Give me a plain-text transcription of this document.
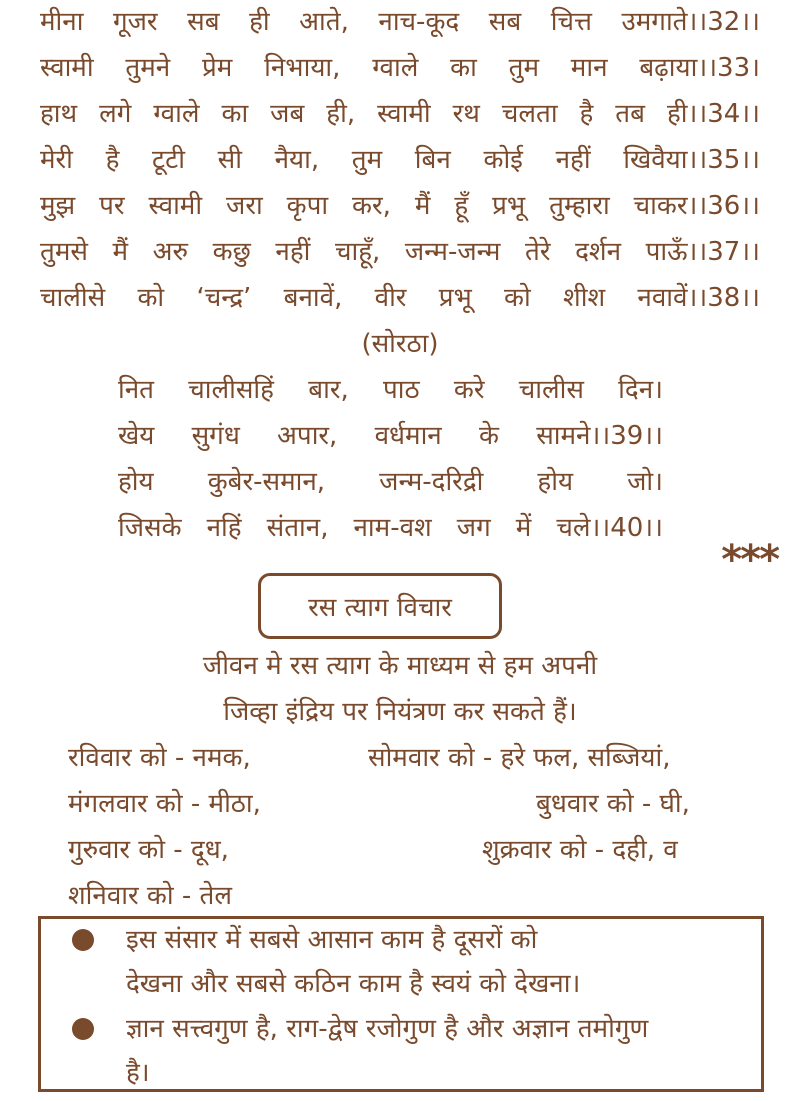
मीना गूजर सब ही आते, नाच-कूद सब चित्त उमगाते।।32।।
स्वामी तुमने प्रेम निभाया, ग्वाले का तुम मान बढ़ाया।।33।
हाथ लगे ग्वाले का जब ही, स्वामी रथ चलता है तब ही।।34।।
मेरी है टूटी सी नैया, तुम बिन कोई नहीं खिवैया।।35।।
मुझ पर स्वामी जरा कृपा कर, मैं हूँ प्रभू तुम्हारा चाकर।।36।।
तुमसे मैं अरु कछु नहीं चाहूँ, जन्म-जन्म तेरे दर्शन पाऊँ।।37।।
चालीसे को ‘चन्द्र’ बनावें, वीर प्रभू को शीश नवावें।।38।।
(सोरठा)
नित चालीसहिं बार, पाठ करे चालीस दिन।
खेय सुगंध अपार, वर्धमान के सामने।।39।।
होय कुबेर-समान, जन्म-दरिद्री होय जो।
जिसके नहिं संतान, नाम-वश जग में चले।।40।।
***
रस त्याग विचार
जीवन मे रस त्याग के माध्यम से हम अपनी
जिव्हा इंद्रिय पर नियंत्रण कर सकते हैं।
रविवार को - नमक,	सोमवार को - हरे फल, सब्जियां,
मंगलवार को - मीठा,	बुधवार को - घी,
गुरुवार को - दूध,	शुक्रवार को - दही, व
शनिवार को - तेल
इस संसार में सबसे आसान काम है दूसरों को
देखना और सबसे कठिन काम है स्वयं को देखना।
ज्ञान सत्त्वगुण है, राग-द्वेष रजोगुण है और अज्ञान तमोगुण
है।
